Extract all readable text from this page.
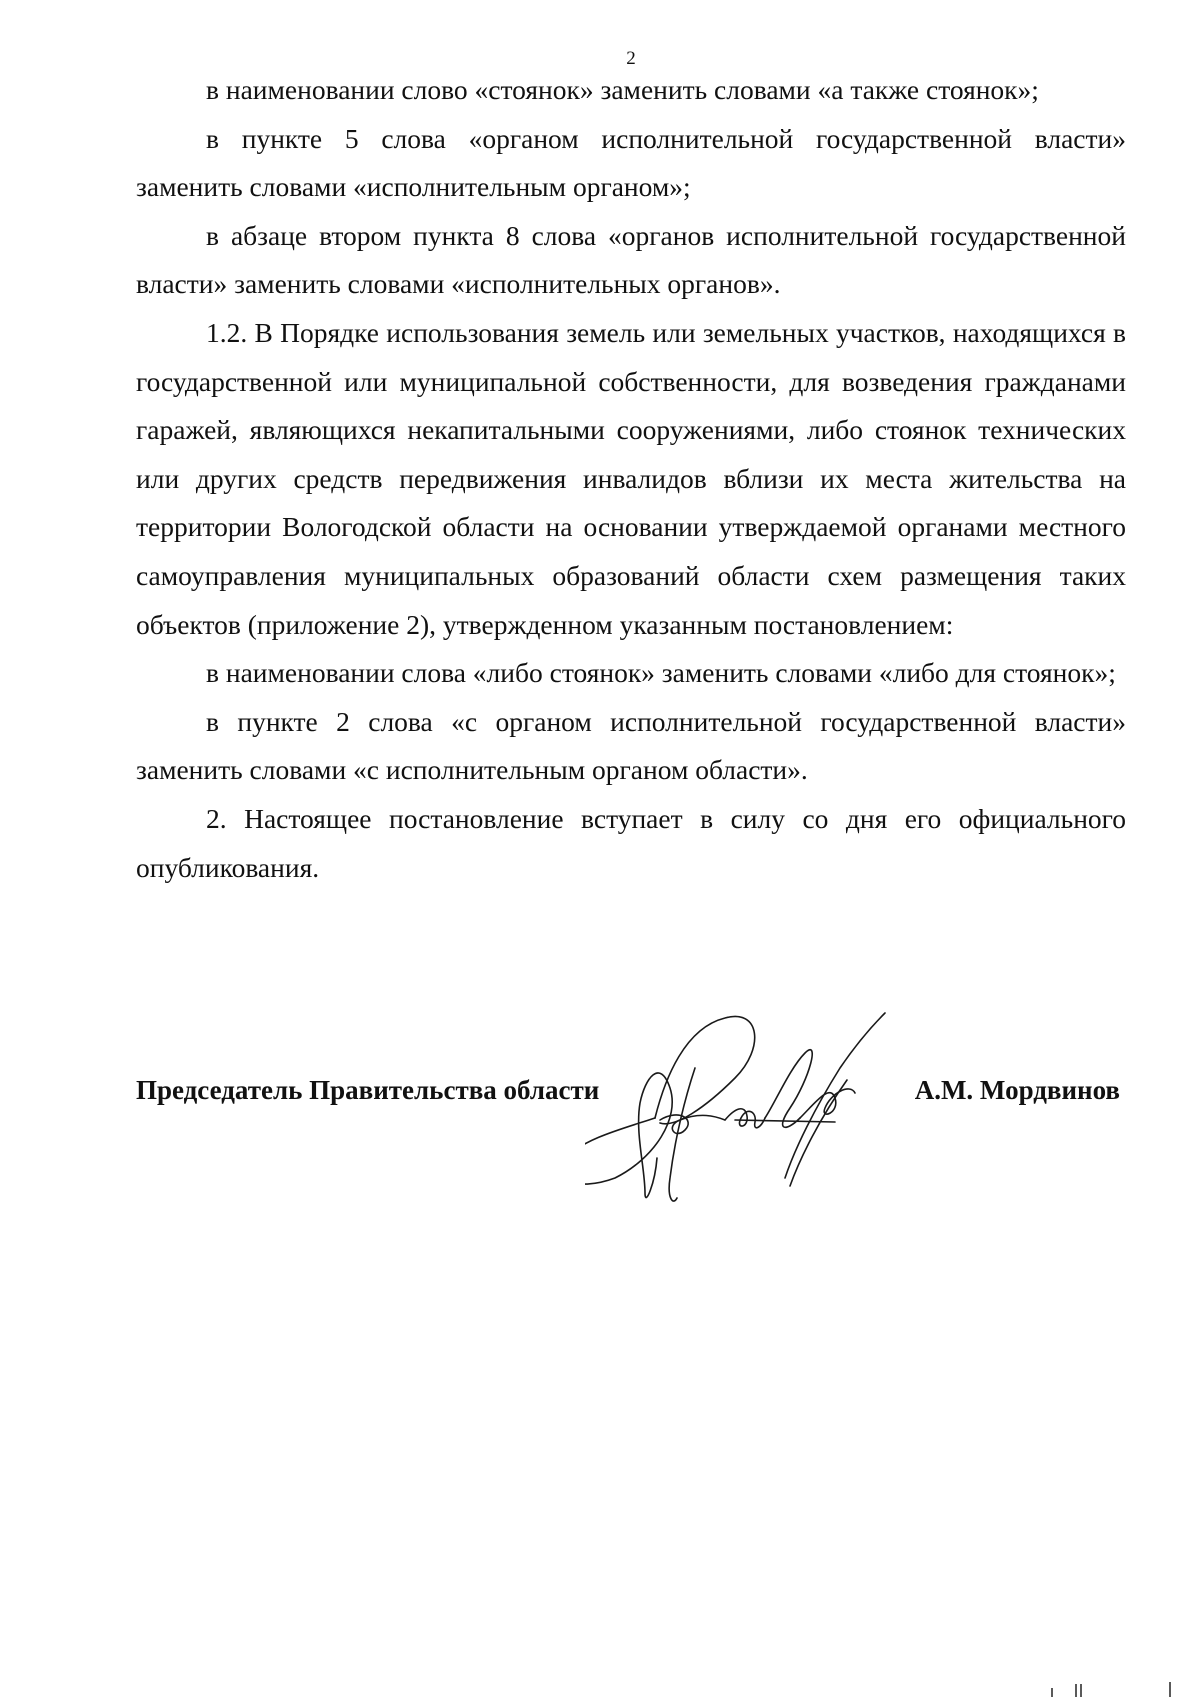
2

в наименовании слово «стоянок» заменить словами «а также стоянок»;

в пункте 5 слова «органом исполнительной государственной власти» заменить словами «исполнительным органом»;

в абзаце втором пункта 8 слова «органов исполнительной государственной власти» заменить словами «исполнительных органов».

1.2. В Порядке использования земель или земельных участков, находящихся в государственной или муниципальной собственности, для возведения гражданами гаражей, являющихся некапитальными сооружениями, либо стоянок технических или других средств передвижения инвалидов вблизи их места жительства на территории Вологодской области на основании утверждаемой органами местного самоуправления муниципальных образований области схем размещения таких объектов (приложение 2), утвержденном указанным постановлением:

в наименовании слова «либо стоянок» заменить словами «либо для стоянок»;

в пункте 2 слова «с органом исполнительной государственной власти» заменить словами «с исполнительным органом области».

2. Настоящее постановление вступает в силу со дня его официального опубликования.

Председатель Правительства области	А.М. Мордвинов
